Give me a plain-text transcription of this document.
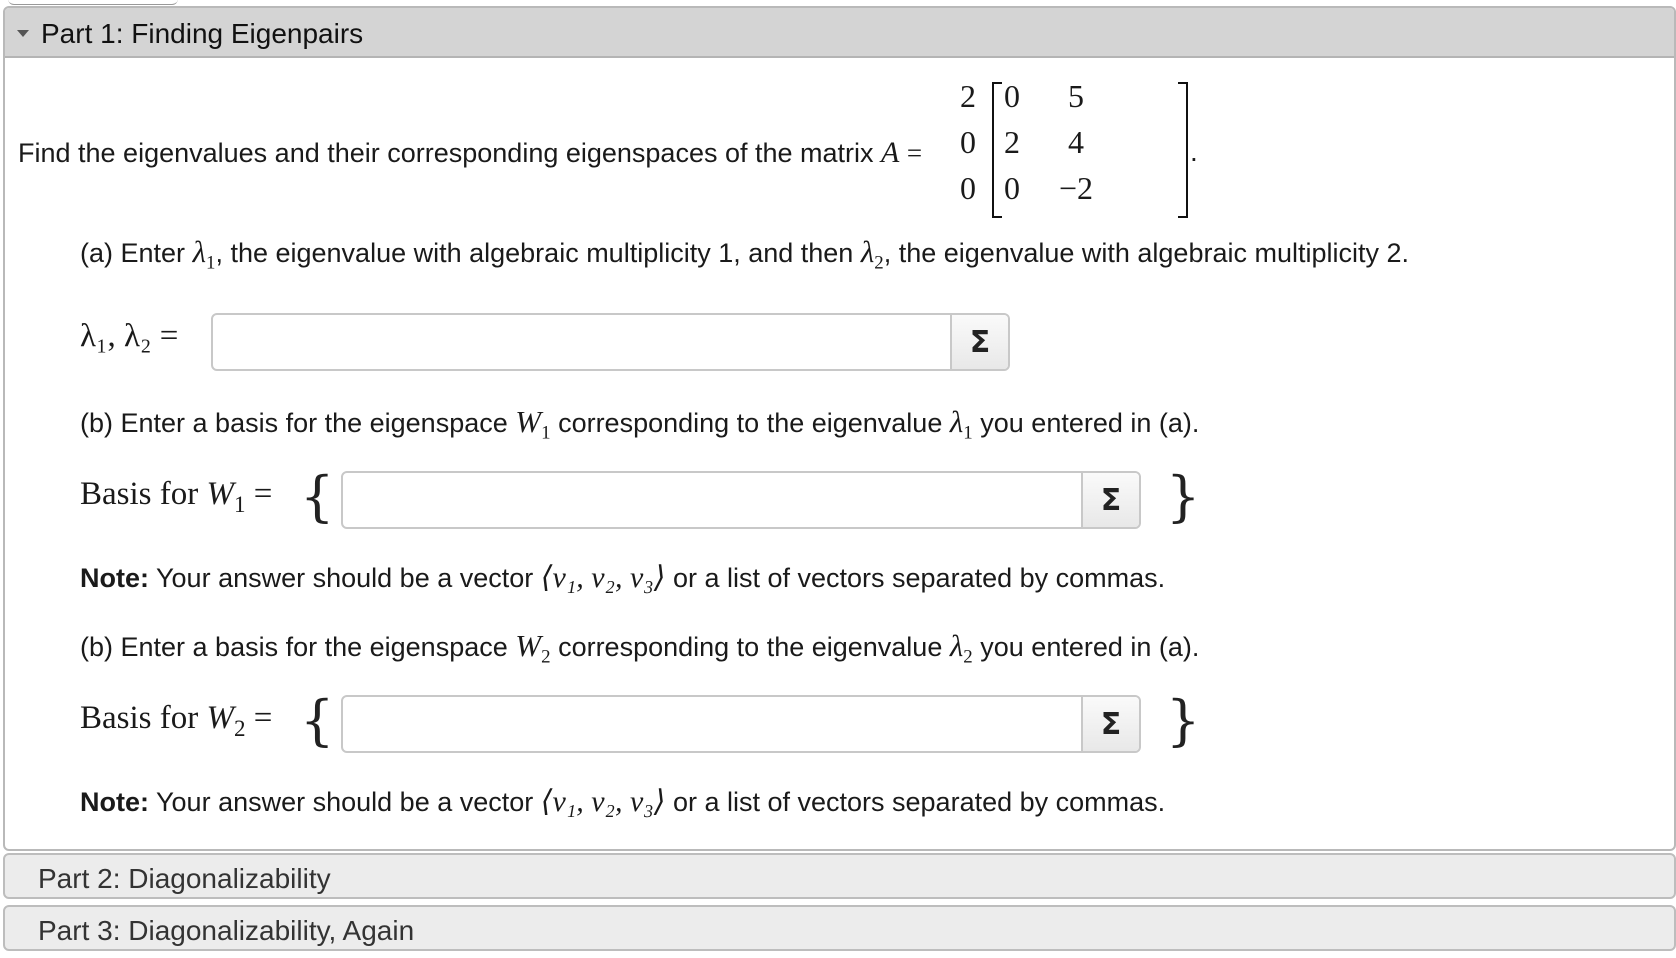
Part 1: Finding Eigenpairs
Find the eigenvalues and their corresponding eigenspaces of the matrix A =
2 0	5
0 2	4
0 0	−2
(a) Enter $\lambda_1$, the eigenvalue with algebraic multiplicity 1, and then $\lambda_2$, the eigenvalue with algebraic multiplicity 2.
λ₁, λ₂ =	Σ
(b) Enter a basis for the eigenspace $W_1$ corresponding to the eigenvalue $\lambda_1$ you entered in (a).
Basis for $W_1$ = {	Σ }
Note: Your answer should be a vector ⟨v₁, v₂, v₃⟩ or a list of vectors separated by commas.
(b) Enter a basis for the eigenspace $W_2$ corresponding to the eigenvalue $\lambda_2$ you entered in (a).
Basis for $W_2$ = {	Σ }
Note: Your answer should be a vector ⟨v₁, v₂, v₃⟩ or a list of vectors separated by commas.
Part 2: Diagonalizability
Part 3: Diagonalizability, Again
.
